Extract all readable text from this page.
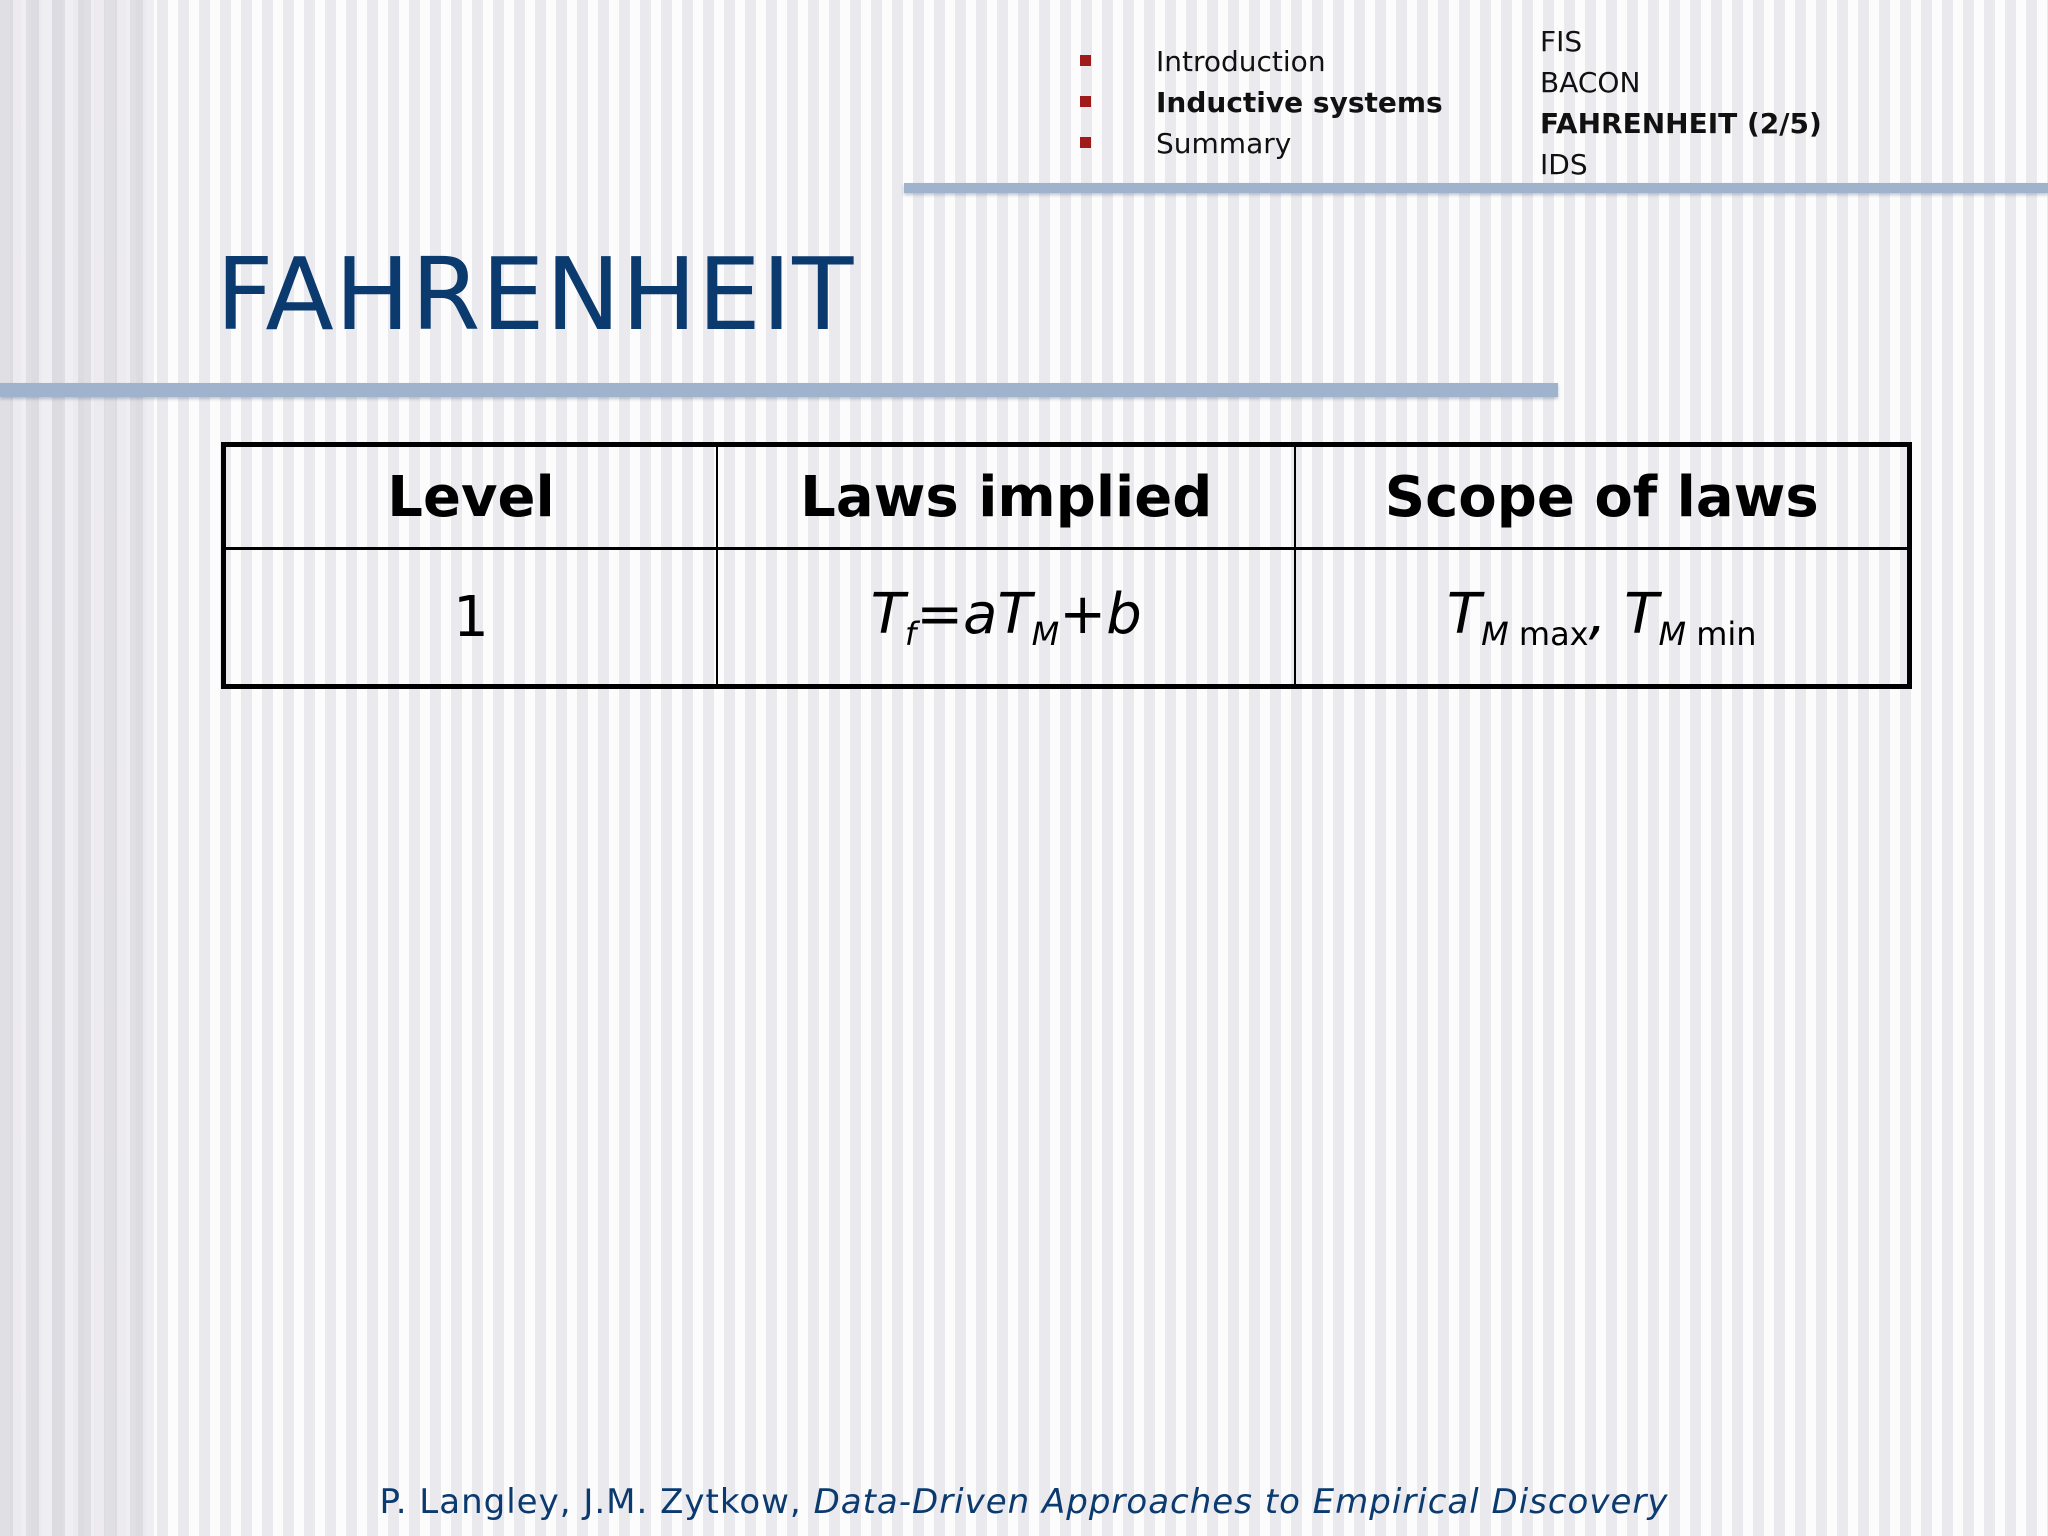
Introduction
Inductive systems
Summary
FIS
BACON
FAHRENHEIT (2/5)
IDS
FAHRENHEIT
Level	Laws implied	Scope of laws
1	$T_f=aT_M+b$	$T_{M max}$, $T_{M min}$
P. Langley, J.M. Zytkow, Data-Driven Approaches to Empirical Discovery
